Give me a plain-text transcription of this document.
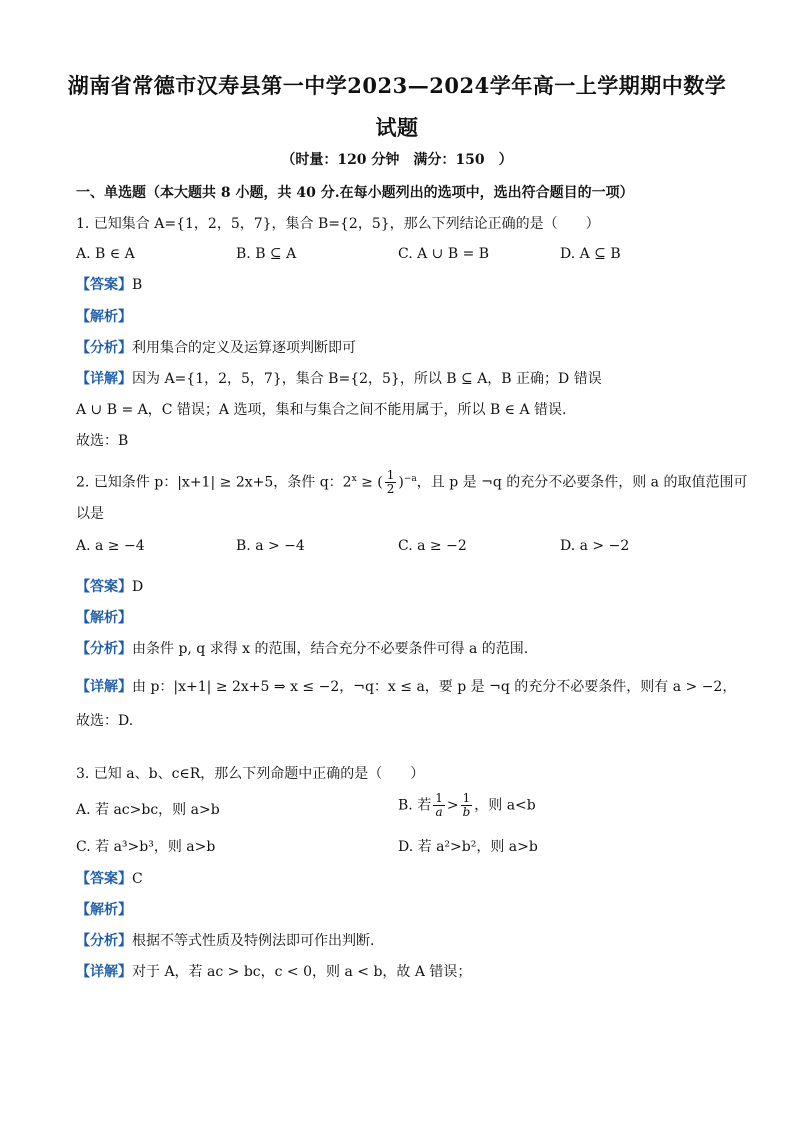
湖南省常德市汉寿县第一中学2023—2024学年高一上学期期中数学
试题
（时量：120 分钟　满分：150　）
一、单选题（本大题共 8 小题，共 40 分.在每小题列出的选项中，选出符合题目的一项）
1. 已知集合 A={1，2，5，7}，集合 B={2，5}，那么下列结论正确的是（　　）
A. B ∈ A	B. B ⊆ A	C. A ∪ B = B	D. A ⊆ B
【答案】B
【解析】
【分析】利用集合的定义及运算逐项判断即可
【详解】因为 A={1，2，5，7}，集合 B={2，5}，所以 B ⊆ A，B 正确；D 错误
A ∪ B = A，C 错误；A 选项，集和与集合之间不能用属于，所以 B ∈ A 错误.
故选：B
2. 已知条件 p：|x+1| ≥ 2x+5，条件 q：$2^x$ ≥ ( $\frac{1}{2} )^{-a}$，且 p 是 ¬q 的充分不必要条件，则 a 的取值范围可
以是
A. a ≥ −4	B. a > −4	C. a ≥ −2	D. a > −2
【答案】D
【解析】
【分析】由条件 p, q 求得 x 的范围，结合充分不必要条件可得 a 的范围.
【详解】由 p：|x+1| ≥ 2x+5 ⇒ x ≤ −2，¬q：x ≤ a，要 p 是 ¬q 的充分不必要条件，则有 a > −2，
故选：D.
3. 已知 a、b、c∈R，那么下列命题中正确的是（　　）
A. 若 ac>bc，则 a>b	B. 若 $\frac{1}{a} > \frac{1}{b}$ ，则 a<b
C. 若 a³>b³，则 a>b	D. 若 a²>b²，则 a>b
【答案】C
【解析】
【分析】根据不等式性质及特例法即可作出判断.
【详解】对于 A，若 ac > bc，c < 0，则 a < b，故 A 错误；
